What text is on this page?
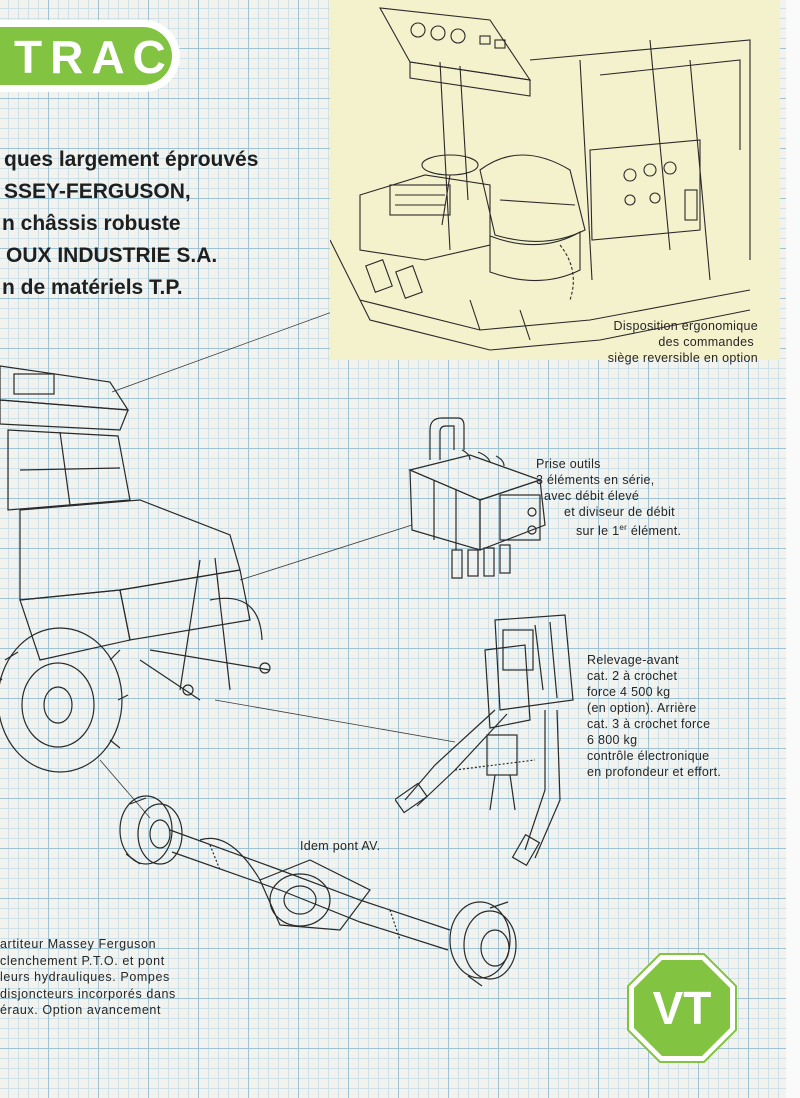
TRAC
ques largement éprouvés
SSEY-FERGUSON,
n châssis robuste
OUX INDUSTRIE S.A.
n de matériels T.P.
Disposition ergonomique
des commandes
siège reversible en option
Prise outils
3 éléments en série,
avec débit élevé
et diviseur de débit
sur le 1er élément.
Relevage-avant
cat. 2 à crochet
force 4 500 kg
(en option). Arrière
cat. 3 à crochet force
6 800 kg
contrôle électronique
en profondeur et effort.
Idem pont AV.
artiteur Massey Ferguson
clenchement P.T.O. et pont
leurs hydrauliques. Pompes
disjoncteurs incorporés dans
éraux. Option avancement	VT
